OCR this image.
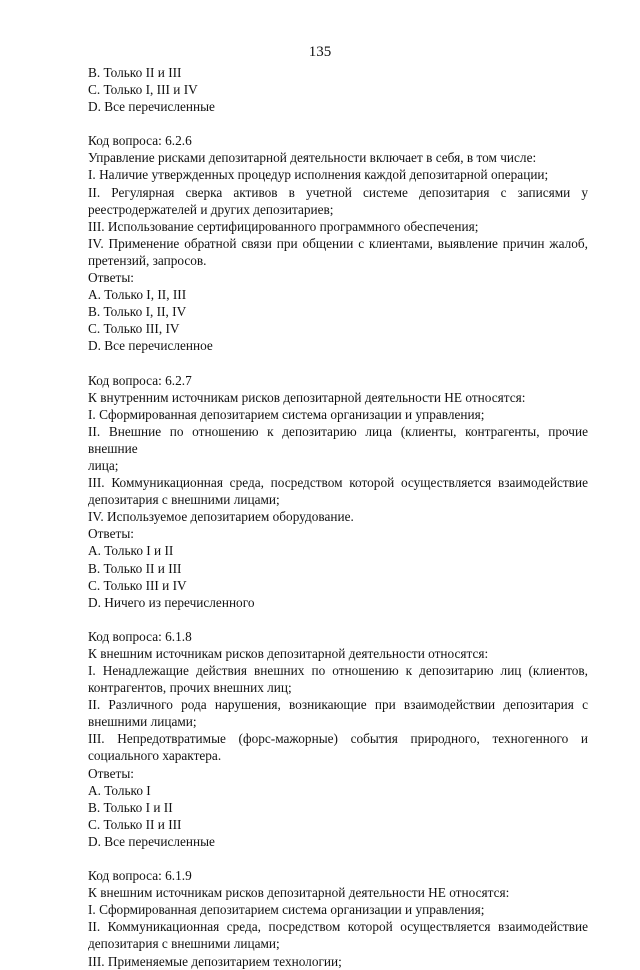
135
B. Только II и III
C. Только I, III и IV
D. Все перечисленные
Код вопроса: 6.2.6
Управление рисками депозитарной деятельности включает в себя, в том числе:
I. Наличие утвержденных процедур исполнения каждой депозитарной операции;
II. Регулярная сверка активов в учетной системе депозитария с записями у
реестродержателей и других депозитариев;
III. Использование сертифицированного программного обеспечения;
IV. Применение обратной связи при общении с клиентами, выявление причин жалоб,
претензий, запросов.
Ответы:
A. Только I, II, III
B. Только I, II, IV
C. Только III, IV
D. Все перечисленное
Код вопроса: 6.2.7
К внутренним источникам рисков депозитарной деятельности НЕ относятся:
I. Сформированная депозитарием система организации и управления;
II. Внешние по отношению к депозитарию лица (клиенты, контрагенты, прочие внешние
лица;
III. Коммуникационная среда, посредством которой осуществляется взаимодействие
депозитария с внешними лицами;
IV. Используемое депозитарием оборудование.
Ответы:
A. Только I и II
B. Только II и III
C. Только III и IV
D. Ничего из перечисленного
Код вопроса: 6.1.8
К внешним источникам рисков депозитарной деятельности относятся:
I. Ненадлежащие действия внешних по отношению к депозитарию лиц (клиентов,
контрагентов, прочих внешних лиц;
II. Различного рода нарушения, возникающие при взаимодействии депозитария с
внешними лицами;
III. Непредотвратимые (форс-мажорные) события природного, техногенного и
социального характера.
Ответы:
A. Только I
B. Только I и II
C. Только II и III
D. Все перечисленные
Код вопроса: 6.1.9
К внешним источникам рисков депозитарной деятельности НЕ относятся:
I. Сформированная депозитарием система организации и управления;
II. Коммуникационная среда, посредством которой осуществляется взаимодействие
депозитария с внешними лицами;
III. Применяемые депозитарием технологии;
